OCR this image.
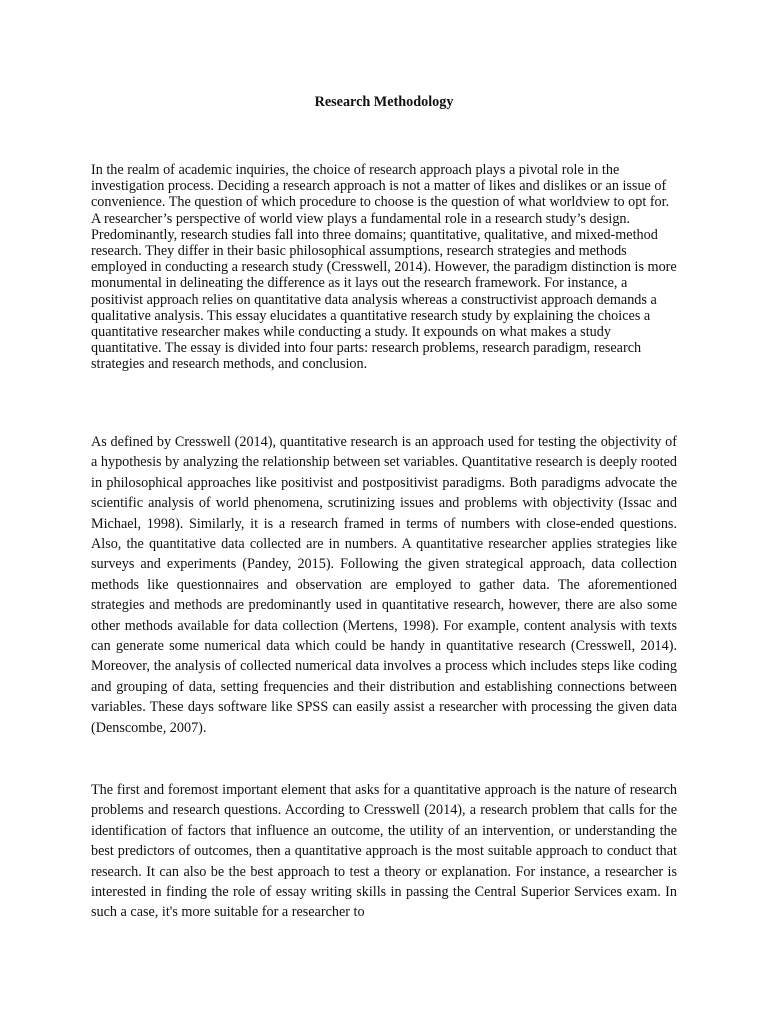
Research Methodology

In the realm of academic inquiries, the choice of research approach plays a pivotal role in the investigation process. Deciding a research approach is not a matter of likes and dislikes or an issue of convenience. The question of which procedure to choose is the question of what worldview to opt for. A researcher’s perspective of world view plays a fundamental role in a research study’s design. Predominantly, research studies fall into three domains; quantitative, qualitative, and mixed-method research. They differ in their basic philosophical assumptions, research strategies and methods employed in conducting a research study (Cresswell, 2014). However, the paradigm distinction is more monumental in delineating the difference as it lays out the research framework. For instance, a positivist approach relies on quantitative data analysis whereas a constructivist approach demands a qualitative analysis. This essay elucidates a quantitative research study by explaining the choices a quantitative researcher makes while conducting a study. It expounds on what makes a study quantitative. The essay is divided into four parts: research problems, research paradigm, research strategies and research methods, and conclusion.

As defined by Cresswell (2014), quantitative research is an approach used for testing the objectivity of a hypothesis by analyzing the relationship between set variables. Quantitative research is deeply rooted in philosophical approaches like positivist and postpositivist paradigms. Both paradigms advocate the scientific analysis of world phenomena, scrutinizing issues and problems with objectivity (Issac and Michael, 1998). Similarly, it is a research framed in terms of numbers with close-ended questions. Also, the quantitative data collected are in numbers. A quantitative researcher applies strategies like surveys and experiments (Pandey, 2015). Following the given strategical approach, data collection methods like questionnaires and observation are employed to gather data. The aforementioned strategies and methods are predominantly used in quantitative research, however, there are also some other methods available for data collection (Mertens, 1998). For example, content analysis with texts can generate some numerical data which could be handy in quantitative research (Cresswell, 2014). Moreover, the analysis of collected numerical data involves a process which includes steps like coding and grouping of data, setting frequencies and their distribution and establishing connections between variables. These days software like SPSS can easily assist a researcher with processing the given data (Denscombe, 2007).

The first and foremost important element that asks for a quantitative approach is the nature of research problems and research questions. According to Cresswell (2014), a research problem that calls for the identification of factors that influence an outcome, the utility of an intervention, or understanding the best predictors of outcomes, then a quantitative approach is the most suitable approach to conduct that research. It can also be the best approach to test a theory or explanation. For instance, a researcher is interested in finding the role of essay writing skills in passing the Central Superior Services exam. In such a case, it's more suitable for a researcher to
